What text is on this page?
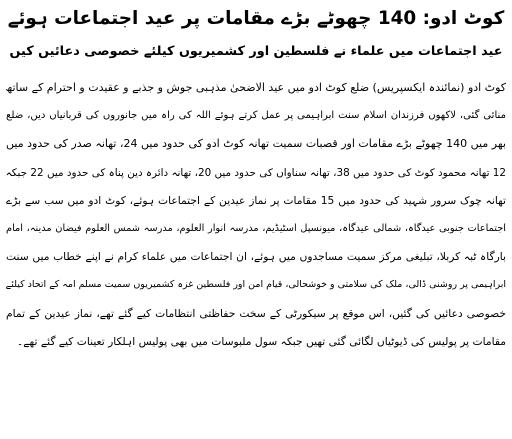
کوٹ ادو: 140 چھوٹے بڑے مقامات پر عید اجتماعات ہوئے
عید اجتماعات میں علماء نے فلسطین اور کشمیریوں کیلئے خصوصی دعائیں کیں
کوٹ ادو (نمائندہ ایکسپریس) ضلع کوٹ ادو میں عید الاضحیٰ مذہبی جوش و جذبے و عقیدت و احترام کے ساتھ
منائی گئی، لاکھوں فرزندان اسلام سنت ابراہیمی پر عمل کرتے ہوئے اللہ کی راہ میں جانوروں کی قربانیاں دیں، ضلع
بھر میں 140 چھوٹے بڑے مقامات اور قصبات سمیت تھانہ کوٹ ادو کی حدود میں 24، تھانہ صدر کی حدود میں
12 تھانہ محمود کوٹ کی حدود میں 38، تھانہ سناواں کی حدود میں 20، تھانہ دائرہ دین پناہ کی حدود میں 22 جبکہ
تھانہ چوک سرور شہید کی حدود میں 15 مقامات پر نماز عیدین کے اجتماعات ہوئے، کوٹ ادو میں سب سے بڑے
اجتماعات جنوبی عیدگاہ، شمالی عیدگاہ، میونسپل اسٹیڈیم، مدرسہ انوار العلوم، مدرسہ شمس العلوم فیضان مدینہ، امام
بارگاہ ٹبہ کربلا، تبلیغی مرکز سمیت مساجدوں میں ہوئے، ان اجتماعات میں علماء کرام نے اپنے خطاب میں سنت
ابراہیمی پر روشنی ڈالی، ملک کی سلامتی و خوشحالی، قیام امن اور فلسطین غزہ کشمیریوں سمیت مسلم امہ کے اتحاد کیلئے
خصوصی دعائیں کی گئیں، اس موقع پر سیکورٹی کے سخت حفاظتی انتظامات کیے گئے تھے، نماز عیدین کے تمام
مقامات پر پولیس کی ڈیوٹیاں لگائی گئی تھیں جبکہ سول ملبوسات میں بھی پولیس اہلکار تعینات کیے گئے تھے۔
